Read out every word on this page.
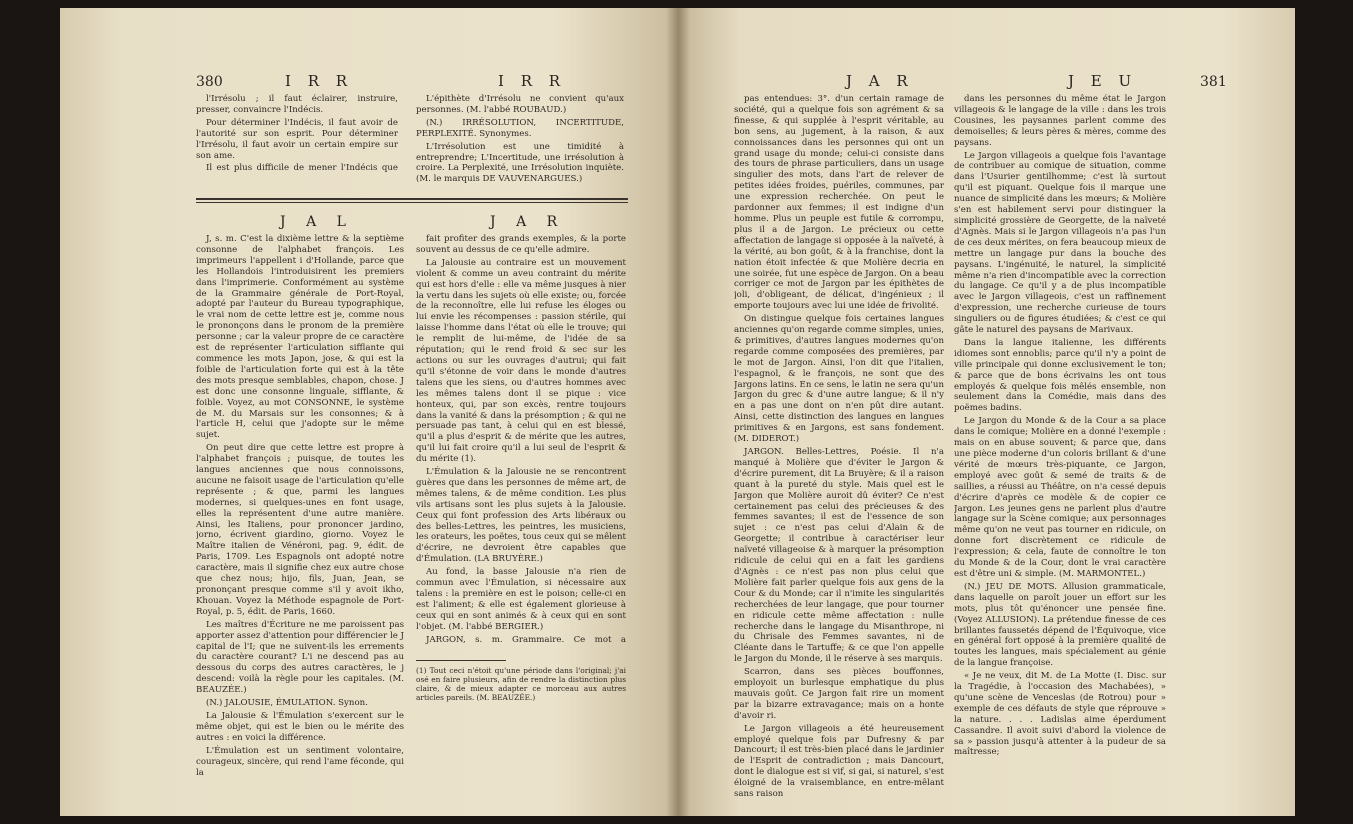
380	I R R	I R R

l'Irrésolu ; il faut éclairer, instruire, presser, convaincre l'Indécis.

Pour déterminer l'Indécis, il faut avoir de l'autorité sur son esprit. Pour déterminer l'Irrésolu, il faut avoir un certain empire sur son ame.

Il est plus difficile de mener l'Indécis que

L'épithète d'Irrésolu ne convient qu'aux personnes. (M. l'abbé ROUBAUD.)

(N.) IRRÉSOLUTION, INCERTITUDE, PERPLEXITÉ. Synonymes.

L'Irrésolution est une timidité à entreprendre; L'Incertitude, une irrésolution à croire. La Perplexité, une Irrésolution inquiète. (M. le marquis DE VAUVENARGUES.)

J A L	J A R

J, s. m. C'est la dixième lettre & la septième consonne de l'alphabet françois. Les imprimeurs l'appellent i d'Hollande, parce que les Hollandois l'introduisirent les premiers dans l'imprimerie. Conformément au système de la Grammaire générale de Port-Royal, adopté par l'auteur du Bureau typographique, le vrai nom de cette lettre est je, comme nous le prononçons dans le pronom de la première personne ; car la valeur propre de ce caractère est de représenter l'articulation sifflante qui commence les mots Japon, jose, & qui est la foible de l'articulation forte qui est à la tête des mots presque semblables, chapon, chose. J est donc une consonne linguale, sifflante, & foible. Voyez, au mot CONSONNE, le système de M. du Marsais sur les consonnes; & à l'article H, celui que j'adopte sur le même sujet.

On peut dire que cette lettre est propre à l'alphabet françois ; puisque, de toutes les langues anciennes que nous connoissons, aucune ne faisoit usage de l'articulation qu'elle représente ; & que, parmi les langues modernes, si quelques-unes en font usage, elles la représentent d'une autre manière. Ainsi, les Italiens, pour prononcer jardino, jorno, écrivent giardino, giorno. Voyez le Maître italien de Vénéroni, pag. 9, édit. de Paris, 1709. Les Espagnols ont adopté notre caractère, mais il signifie chez eux autre chose que chez nous; hijo, fils, Juan, Jean, se prononçant presque comme s'il y avoit ikho, Khouan. Voyez la Méthode espagnole de Port-Royal, p. 5, édit. de Paris, 1660.

Les maîtres d'Écriture ne me paroissent pas apporter assez d'attention pour différencier le J capital de l'I; que ne suivent-ils les errements du caractère courant? L'i ne descend pas au dessous du corps des autres caractères, le j descend: voilà la règle pour les capitales. (M. BEAUZÉE.)

(N.) JALOUSIE, ÉMULATION. Synon.

La Jalousie & l'Émulation s'exercent sur le même objet, qui est le bien ou le mérite des autres : en voici la différence.

L'Émulation est un sentiment volontaire, courageux, sincère, qui rend l'ame féconde, qui la

fait profiter des grands exemples, & la porte souvent au dessus de ce qu'elle admire.

La Jalousie au contraire est un mouvement violent & comme un aveu contraint du mérite qui est hors d'elle : elle va même jusques à nier la vertu dans les sujets où elle existe; ou, forcée de la reconnoître, elle lui refuse les éloges ou lui envie les récompenses : passion stérile, qui laisse l'homme dans l'état où elle le trouve; qui le remplit de lui-même, de l'idée de sa réputation; qui le rend froid & sec sur les actions ou sur les ouvrages d'autrui; qui fait qu'il s'étonne de voir dans le monde d'autres talens que les siens, ou d'autres hommes avec les mêmes talens dont il se pique : vice honteux, qui, par son excès, rentre toujours dans la vanité & dans la présomption ; & qui ne persuade pas tant, à celui qui en est blessé, qu'il a plus d'esprit & de mérite que les autres, qu'il lui fait croire qu'il a lui seul de l'esprit & du mérite (1).

L'Émulation & la Jalousie ne se rencontrent guères que dans les personnes de même art, de mêmes talens, & de même condition. Les plus vils artisans sont les plus sujets à la Jalousie. Ceux qui font profession des Arts libéraux ou des belles-Lettres, les peintres, les musiciens, les orateurs, les poëtes, tous ceux qui se mêlent d'écrire, ne devroient être capables que d'Émulation. (LA BRUYÈRE.)

Au fond, la basse Jalousie n'a rien de commun avec l'Émulation, si nécessaire aux talens : la première en est le poison; celle-ci en est l'aliment; & elle est également glorieuse à ceux qui en sont animés & à ceux qui en sont l'objet. (M. l'abbé BERGIER.)

JARGON, s. m. Grammaire. Ce mot a

(1) Tout ceci n'étoit qu'une période dans l'original; j'ai osé en faire plusieurs, afin de rendre la distinction plus claire, & de mieux adapter ce morceau aux autres articles pareils. (M. BEAUZÉE.)
J A R	J E U	381

pas entendues: 3°. d'un certain ramage de société, qui a quelque fois son agrément & sa finesse, & qui supplée à l'esprit véritable, au bon sens, au jugement, à la raison, & aux connoissances dans les personnes qui ont un grand usage du monde; celui-ci consiste dans des tours de phrase particuliers, dans un usage singulier des mots, dans l'art de relever de petites idées froides, puériles, communes, par une expression recherchée. On peut le pardonner aux femmes; il est indigne d'un homme. Plus un peuple est futile & corrompu, plus il a de Jargon. Le précieux ou cette affectation de langage si opposée à la naïveté, à la vérité, au bon goût, & à la franchise, dont la nation étoit infectée & que Molière decria en une soirée, fut une espèce de Jargon. On a beau corriger ce mot de Jargon par les épithètes de joli, d'obligeant, de délicat, d'ingénieux ; il emporte toujours avec lui une idée de frivolité.

On distingue quelque fois certaines langues anciennes qu'on regarde comme simples, unies, & primitives, d'autres langues modernes qu'on regarde comme composées des premières, par le mot de Jargon. Ainsi, l'on dit que l'italien, l'espagnol, & le françois, ne sont que des Jargons latins. En ce sens, le latin ne sera qu'un Jargon du grec & d'une autre langue; & il n'y en a pas une dont on n'en pût dire autant. Ainsi, cette distinction des langues en langues primitives & en Jargons, est sans fondement. (M. DIDEROT.)

JARGON. Belles-Lettres, Poésie. Il n'a manqué à Molière que d'éviter le Jargon & d'écrire purement, dit La Bruyère; & il a raison quant à la pureté du style. Mais quel est le Jargon que Molière auroit dû éviter? Ce n'est certainement pas celui des précieuses & des femmes savantes; il est de l'essence de son sujet : ce n'est pas celui d'Alain & de Georgette; il contribue à caractériser leur naïveté villageoise & à marquer la présomption ridicule de celui qui en a fait les gardiens d'Agnès : ce n'est pas non plus celui que Molière fait parler quelque fois aux gens de la Cour & du Monde; car il n'imite les singularités recherchées de leur langage, que pour tourner en ridicule cette même affectation : nulle recherche dans le langage du Misanthrope, ni du Chrisale des Femmes savantes, ni de Cléante dans le Tartuffe; & ce que l'on appelle le Jargon du Monde, il le réserve à ses marquis.

Scarron, dans ses pièces bouffonnes, employoit un burlesque emphatique du plus mauvais goût. Ce Jargon fait rire un moment par la bizarre extravagance; mais on a honte d'avoir ri.

Le Jargon villageois a été heureusement employé quelque fois par Dufresny & par Dancourt; il est très-bien placé dans le jardinier de l'Esprit de contradiction ; mais Dancourt, dont le dialogue est si vif, si gai, si naturel, s'est éloigné de la vraisemblance, en entre-mêlant sans raison

dans les personnes du même état le Jargon villageois & le langage de la ville : dans les trois Cousines, les paysannes parlent comme des demoiselles; & leurs pères & mères, comme des paysans.

Le Jargon villageois a quelque fois l'avantage de contribuer au comique de situation, comme dans l'Usurier gentilhomme; c'est là surtout qu'il est piquant. Quelque fois il marque une nuance de simplicité dans les mœurs; & Molière s'en est habilement servi pour distinguer la simplicité grossière de Georgette, de la naïveté d'Agnès. Mais si le Jargon villageois n'a pas l'un de ces deux mérites, on fera beaucoup mieux de mettre un langage pur dans la bouche des paysans. L'ingénuité, le naturel, la simplicité même n'a rien d'incompatible avec la correction du langage. Ce qu'il y a de plus incompatible avec le Jargon villageois, c'est un raffinement d'expression, une recherche curieuse de tours singuliers ou de figures étudiées; & c'est ce qui gâte le naturel des paysans de Marivaux.

Dans la langue italienne, les différents idiomes sont ennoblis; parce qu'il n'y a point de ville principale qui donne exclusivement le ton; & parce que de bons écrivains les ont tous employés & quelque fois mêlés ensemble, non seulement dans la Comédie, mais dans des poëmes badins.

Le Jargon du Monde & de la Cour a sa place dans le comique; Molière en a donné l'exemple : mais on en abuse souvent; & parce que, dans une pièce moderne d'un coloris brillant & d'une vérité de mœurs très-piquante, ce Jargon, employé avec goût & semé de traits & de saillies, a réussi au Théâtre, on n'a cessé depuis d'écrire d'après ce modèle & de copier ce Jargon. Les jeunes gens ne parlent plus d'autre langage sur la Scène comique; aux personnages même qu'on ne veut pas tourner en ridicule, on donne fort discrètement ce ridicule de l'expression; & cela, faute de connoître le ton du Monde & de la Cour, dont le vrai caractère est d'être uni & simple. (M. MARMONTEL.)

(N.) JEU DE MOTS. Allusion grammaticale, dans laquelle on paroît jouer un effort sur les mots, plus tôt qu'énoncer une pensée fine. (Voyez ALLUSION). La prétendue finesse de ces brillantes faussetés dépend de l'Équivoque, vice en général fort opposé à la première qualité de toutes les langues, mais spécialement au génie de la langue françoise.

« Je ne veux, dit M. de La Motte (I. Disc. sur la Tragédie, à l'occasion des Machabées), » qu'une scène de Venceslas (de Rotrou) pour » exemple de ces défauts de style que réprouve » la nature. . . . Ladislas aime éperdument Cassandre. Il avoit suivi d'abord la violence de sa » passion jusqu'à attenter à la pudeur de sa maîtresse;
